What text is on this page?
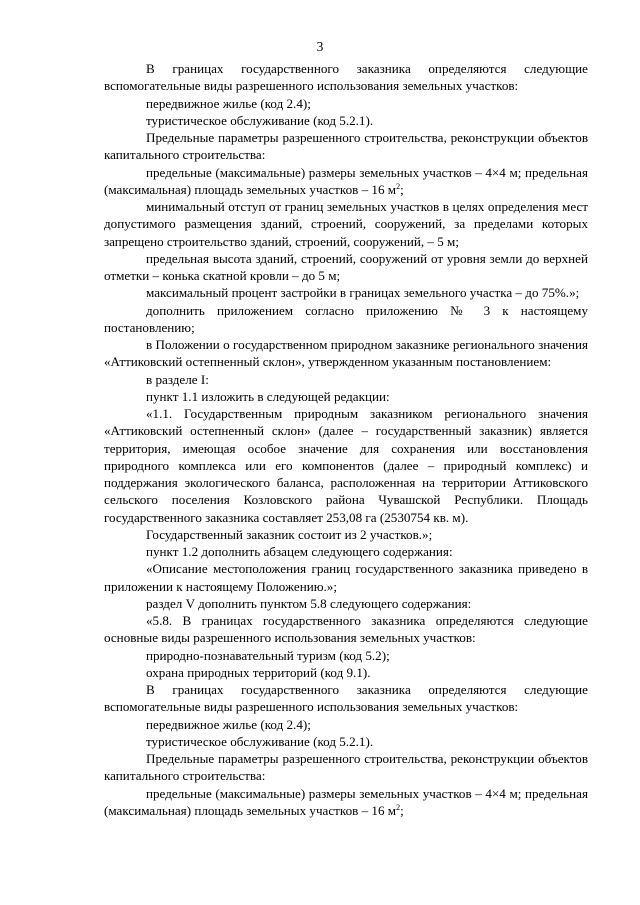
3

В границах государственного заказника определяются следующие вспомогательные виды разрешенного использования земельных участков:

передвижное жилье (код 2.4);

туристическое обслуживание (код 5.2.1).

Предельные параметры разрешенного строительства, реконструкции объектов капитального строительства:

предельные (максимальные) размеры земельных участков – 4×4 м; предельная (максимальная) площадь земельных участков – 16 $м^2$;

минимальный отступ от границ земельных участков в целях определения мест допустимого размещения зданий, строений, сооружений, за пределами которых запрещено строительство зданий, строений, сооружений, – 5 м;

предельная высота зданий, строений, сооружений от уровня земли до верхней отметки – конька скатной кровли – до 5 м;

максимальный процент застройки в границах земельного участка – до 75%.»;

дополнить приложением согласно приложению № 3 к настоящему постановлению;

в Положении о государственном природном заказнике регионального значения «Аттиковский остепненный склон», утвержденном указанным постановлением:

в разделе I:

пункт 1.1 изложить в следующей редакции:

«1.1. Государственным природным заказником регионального значения «Аттиковский остепненный склон» (далее – государственный заказник) является территория, имеющая особое значение для сохранения или восстановления природного комплекса или его компонентов (далее – природный комплекс) и поддержания экологического баланса, расположенная на территории Аттиковского сельского поселения Козловского района Чувашской Республики. Площадь государственного заказника составляет 253,08 га (2530754 кв. м).

Государственный заказник состоит из 2 участков.»;

пункт 1.2 дополнить абзацем следующего содержания:

«Описание местоположения границ государственного заказника приведено в приложении к настоящему Положению.»;

раздел V дополнить пунктом 5.8 следующего содержания:

«5.8. В границах государственного заказника определяются следующие основные виды разрешенного использования земельных участков:

природно-познавательный туризм (код 5.2);

охрана природных территорий (код 9.1).

В границах государственного заказника определяются следующие вспомогательные виды разрешенного использования земельных участков:

передвижное жилье (код 2.4);

туристическое обслуживание (код 5.2.1).

Предельные параметры разрешенного строительства, реконструкции объектов капитального строительства:

предельные (максимальные) размеры земельных участков – 4×4 м; предельная (максимальная) площадь земельных участков – 16 $м^2$;
